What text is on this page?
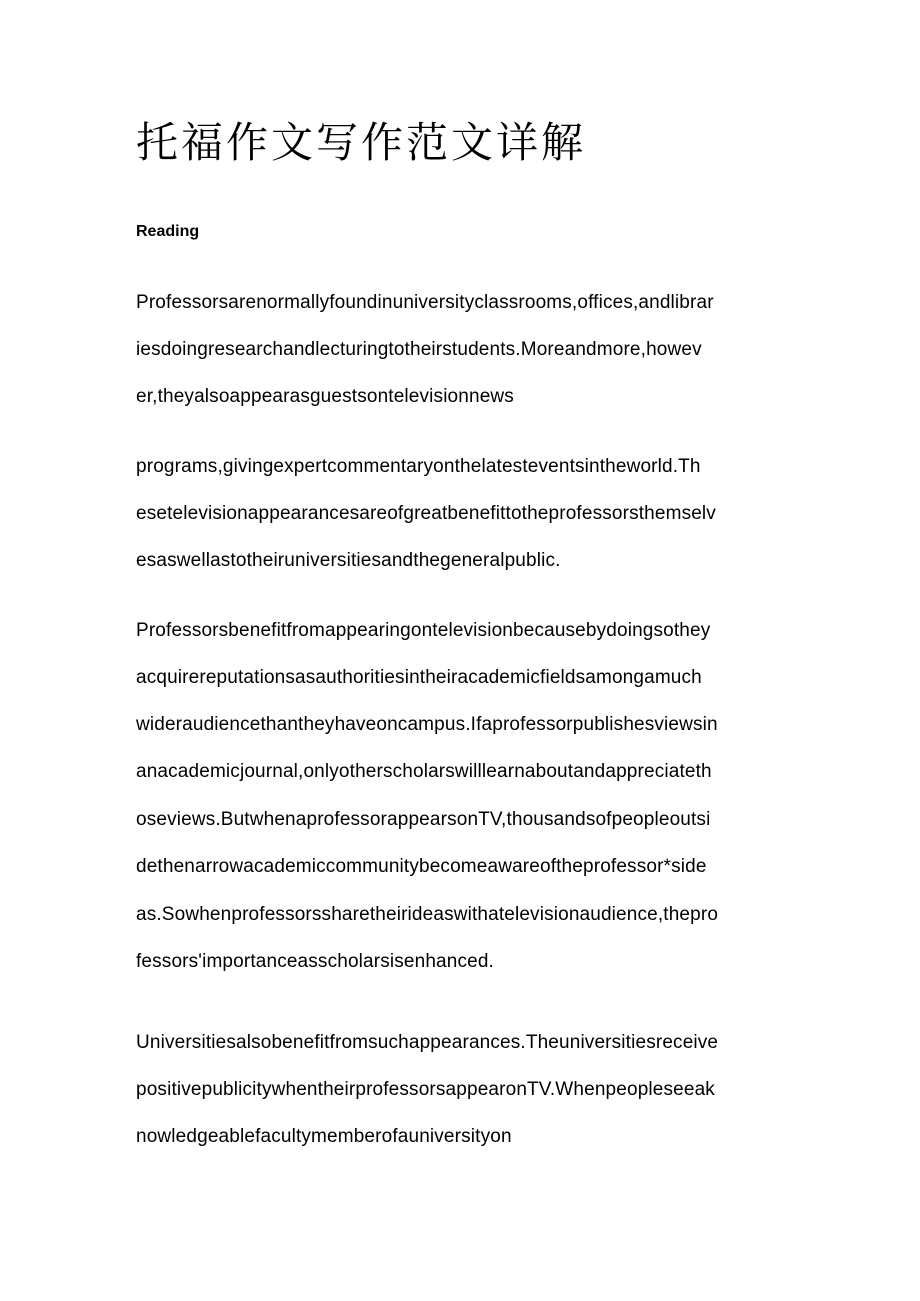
托福作文写作范文详解
Reading

Professorsarenormallyfoundinuniversityclassrooms,offices,andlibrar

iesdoingresearchandlecturingtotheirstudents.Moreandmore,howev

er,theyalsoappearasguestsontelevisionnews

programs,givingexpertcommentaryonthelatesteventsintheworld.Th

esetelevisionappearancesareofgreatbenefittotheprofessorsthemselv

esaswellastotheiruniversitiesandthegeneralpublic.

Professorsbenefitfromappearingontelevisionbecausebydoingsothey

acquirereputationsasauthoritiesintheiracademicfieldsamongamuch

wideraudiencethantheyhaveoncampus.Ifaprofessorpublishesviewsin

anacademicjournal,onlyotherscholarswilllearnaboutandappreciateth

oseviews.ButwhenaprofessorappearsonTV,thousandsofpeopleoutsi

dethenarrowacademiccommunitybecomeawareoftheprofessor*side

as.Sowhenprofessorssharetheirideaswithatelevisionaudience,thepro

fessors'importanceasscholarsisenhanced.

Universitiesalsobenefitfromsuchappearances.Theuniversitiesreceive

positivepublicitywhentheirprofessorsappearonTV.Whenpeopleseeak

nowledgeablefacultymemberofauniversityon
